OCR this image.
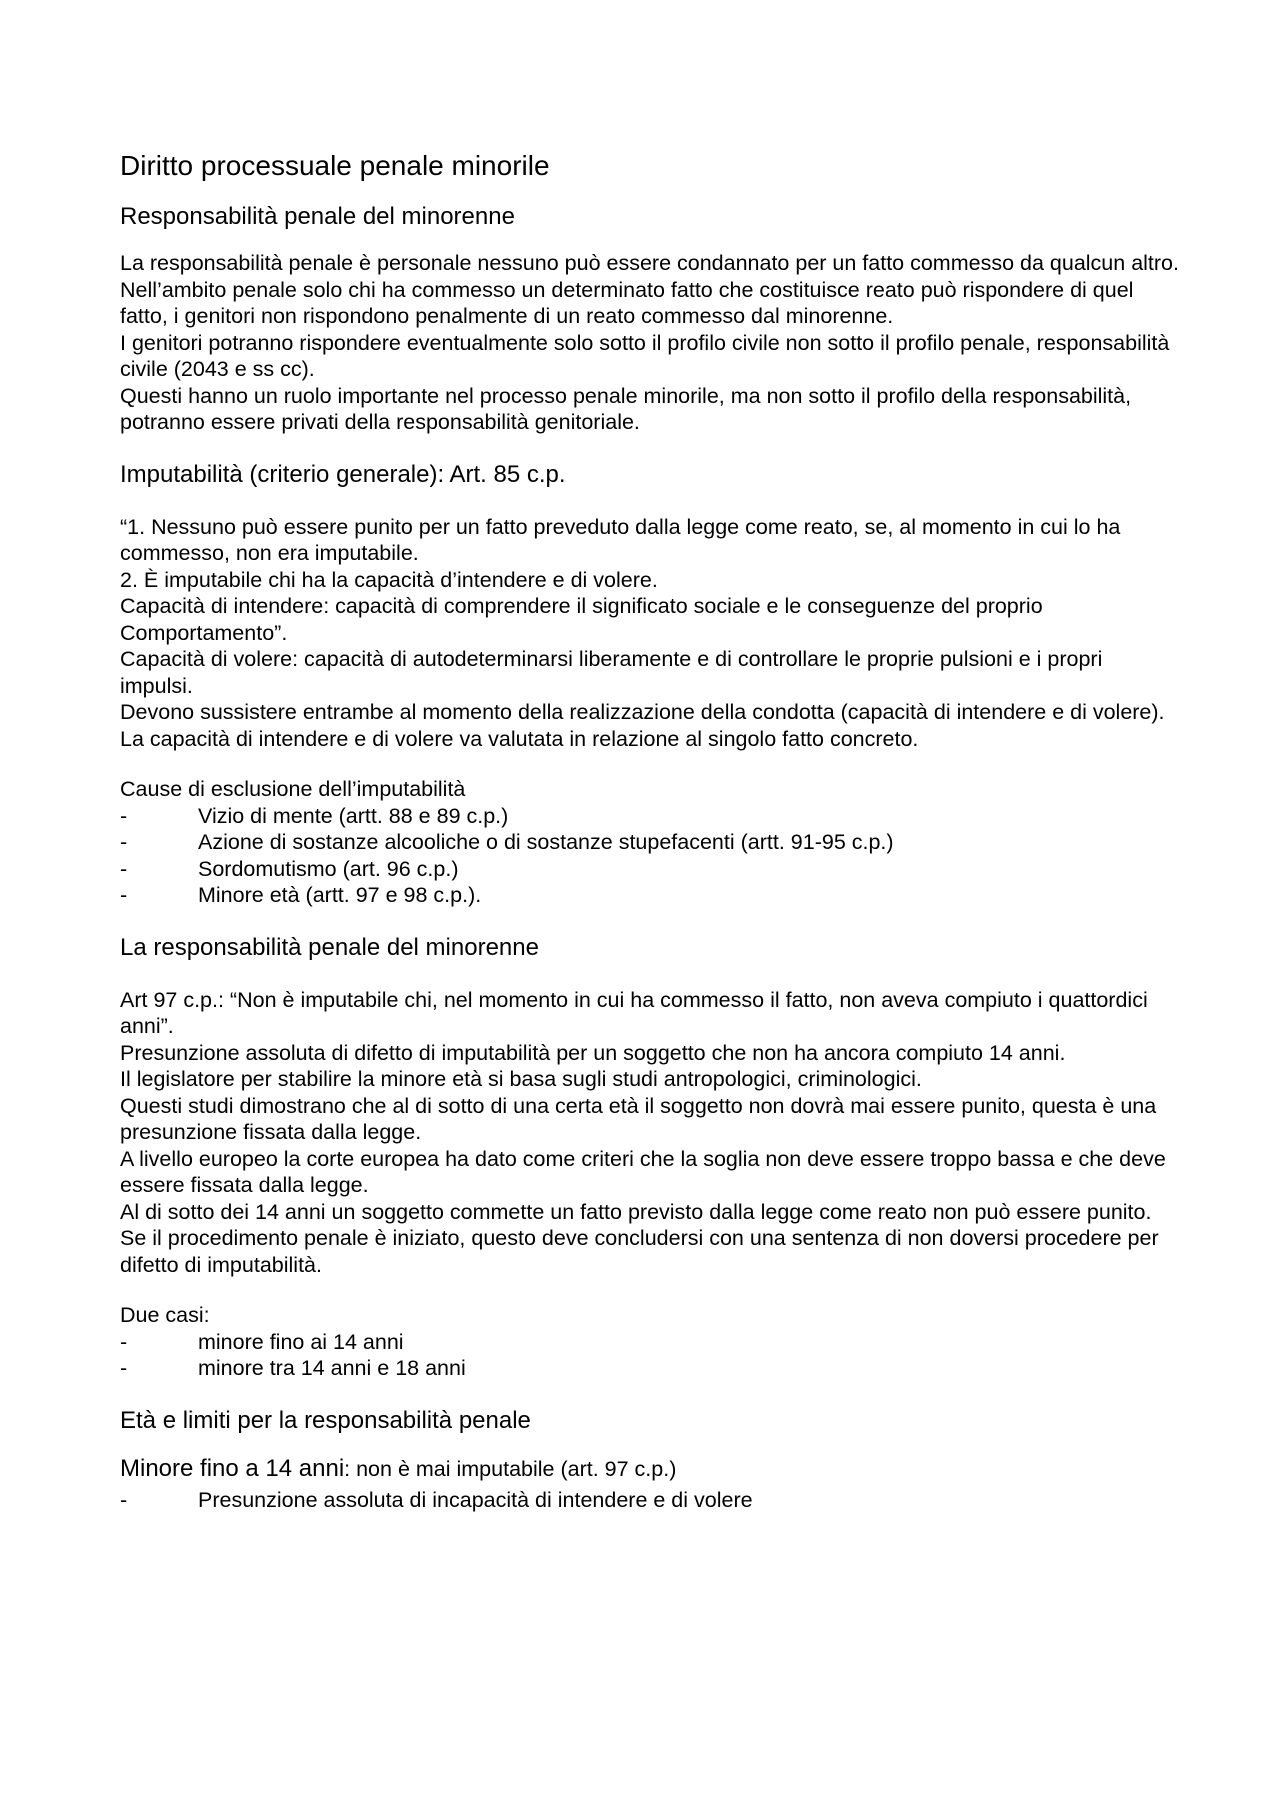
Diritto processuale penale minorile
Responsabilità penale del minorenne
La responsabilità penale è personale nessuno può essere condannato per un fatto commesso da qualcun altro.
Nell’ambito penale solo chi ha commesso un determinato fatto che costituisce reato può rispondere di quel fatto, i genitori non rispondono penalmente di un reato commesso dal minorenne.
I genitori potranno rispondere eventualmente solo sotto il profilo civile non sotto il profilo penale, responsabilità civile (2043 e ss cc).
Questi hanno un ruolo importante nel processo penale minorile, ma non sotto il profilo della responsabilità, potranno essere privati della responsabilità genitoriale.
Imputabilità (criterio generale): Art. 85 c.p.
“1. Nessuno può essere punito per un fatto preveduto dalla legge come reato, se, al momento in cui lo ha commesso, non era imputabile.
2. È imputabile chi ha la capacità d’intendere e di volere.
Capacità di intendere: capacità di comprendere il significato sociale e le conseguenze del proprio Comportamento”.
Capacità di volere: capacità di autodeterminarsi liberamente e di controllare le proprie pulsioni e i propri impulsi.
Devono sussistere entrambe al momento della realizzazione della condotta (capacità di intendere e di volere).
La capacità di intendere e di volere va valutata in relazione al singolo fatto concreto.
Cause di esclusione dell’imputabilità
-	Vizio di mente (artt. 88 e 89 c.p.)
-	Azione di sostanze alcooliche o di sostanze stupefacenti (artt. 91-95 c.p.)
-	Sordomutismo (art. 96 c.p.)
-	Minore età (artt. 97 e 98 c.p.).
La responsabilità penale del minorenne
Art 97 c.p.: “Non è imputabile chi, nel momento in cui ha commesso il fatto, non aveva compiuto i quattordici anni”.
Presunzione assoluta di difetto di imputabilità per un soggetto che non ha ancora compiuto 14 anni.
Il legislatore per stabilire la minore età si basa sugli studi antropologici, criminologici.
Questi studi dimostrano che al di sotto di una certa età il soggetto non dovrà mai essere punito, questa è una presunzione fissata dalla legge.
A livello europeo la corte europea ha dato come criteri che la soglia non deve essere troppo bassa e che deve essere fissata dalla legge.
Al di sotto dei 14 anni un soggetto commette un fatto previsto dalla legge come reato non può essere punito.
Se il procedimento penale è iniziato, questo deve concludersi con una sentenza di non doversi procedere per difetto di imputabilità.
Due casi:
-	minore fino ai 14 anni
-	minore tra 14 anni e 18 anni
Età e limiti per la responsabilità penale
Minore fino a 14 anni: non è mai imputabile (art. 97 c.p.)
-	Presunzione assoluta di incapacità di intendere e di volere
